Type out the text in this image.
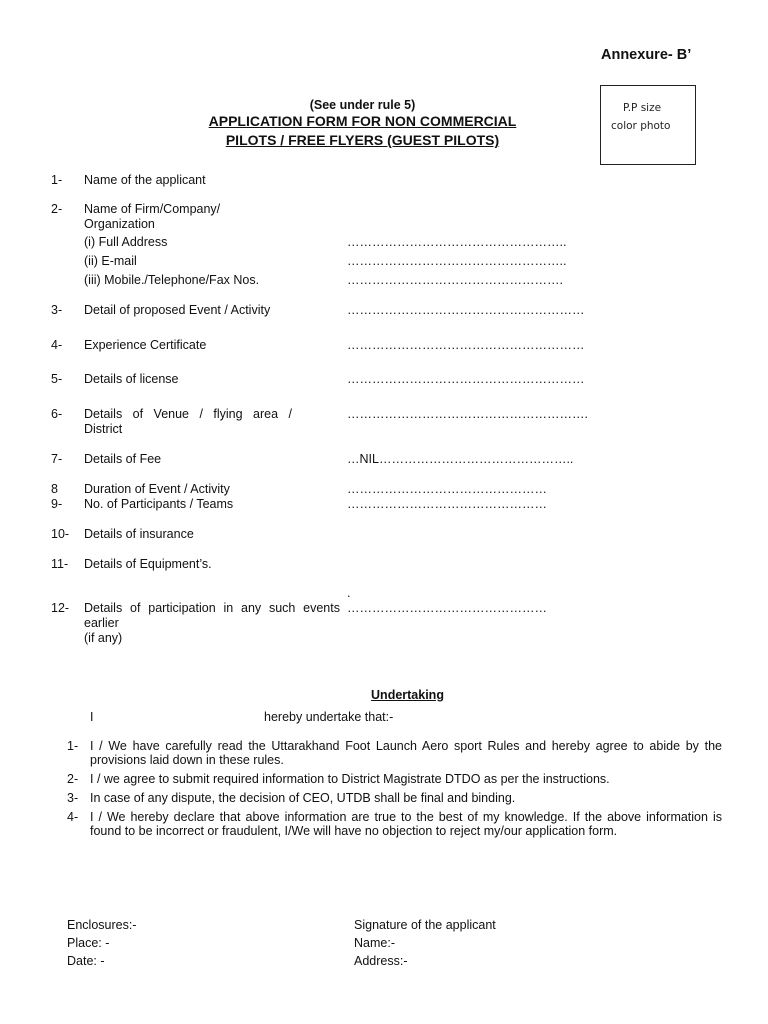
Annexure- B’
P.P size
color photo
(See under rule 5)
APPLICATION FORM FOR NON COMMERCIAL
PILOTS / FREE FLYERS (GUEST PILOTS)
1- Name of the applicant
2- Name of Firm/Company/
Organization
(i) Full Address	……………………………………………..
(ii) E-mail	……………………………………………..
(iii) Mobile./Telephone/Fax Nos.	…………………………………………….
3- Detail of proposed Event / Activity	…………………………………………………
4- Experience Certificate	…………………………………………………
5- Details of license	…………………………………………………
6- Details of Venue / flying area /
District
………………………………………………….
7- Details of Fee	…NIL………………………………………..
8 Duration of Event / Activity	…………………………………………
9- No. of Participants / Teams	…………………………………………
10- Details of insurance
11- Details of Equipment’s.
.
12- Details of participation in any such events
earlier
(if any)
…………………………………………
Undertaking
I	hereby undertake that:-
1- I / We have carefully read the Uttarakhand Foot Launch Aero sport Rules and hereby agree to abide by the provisions laid down in these rules.
2- I / we agree to submit required information to District Magistrate DTDO as per the instructions.
3- In case of any dispute, the decision of CEO, UTDB shall be final and binding.
4- I / We hereby declare that above information are true to the best of my knowledge. If the above information is found to be incorrect or fraudulent, I/We will have no objection to reject my/our application form.
Enclosures:-
Place: -
Date: -
Signature of the applicant
Name:-
Address:-
